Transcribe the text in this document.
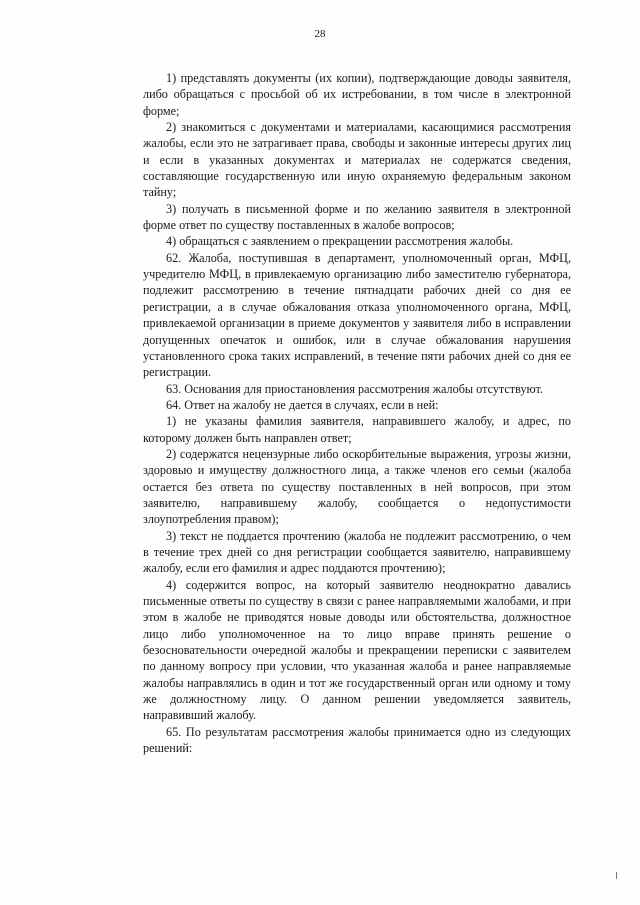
28

1) представлять документы (их копии), подтверждающие доводы заявителя, либо обращаться с просьбой об их истребовании, в том числе в электронной форме;

2) знакомиться с документами и материалами, касающимися рассмотрения жалобы, если это не затрагивает права, свободы и законные интересы других лиц и если в указанных документах и материалах не содержатся сведения, составляющие государственную или иную охраняемую федеральным законом тайну;

3) получать в письменной форме и по желанию заявителя в электронной форме ответ по существу поставленных в жалобе вопросов;

4) обращаться с заявлением о прекращении рассмотрения жалобы.

62. Жалоба, поступившая в департамент, уполномоченный орган, МФЦ, учредителю МФЦ, в привлекаемую организацию либо заместителю губернатора, подлежит рассмотрению в течение пятнадцати рабочих дней со дня ее регистрации, а в случае обжалования отказа уполномоченного органа, МФЦ, привлекаемой организации в приеме документов у заявителя либо в исправлении допущенных опечаток и ошибок, или в случае обжалования нарушения установленного срока таких исправлений, в течение пяти рабочих дней со дня ее регистрации.

63. Основания для приостановления рассмотрения жалобы отсутствуют.

64. Ответ на жалобу не дается в случаях, если в ней:

1) не указаны фамилия заявителя, направившего жалобу, и адрес, по которому должен быть направлен ответ;

2) содержатся нецензурные либо оскорбительные выражения, угрозы жизни, здоровью и имуществу должностного лица, а также членов его семьи (жалоба остается без ответа по существу поставленных в ней вопросов, при этом заявителю, направившему жалобу, сообщается о недопустимости злоупотребления правом);

3) текст не поддается прочтению (жалоба не подлежит рассмотрению, о чем в течение трех дней со дня регистрации сообщается заявителю, направившему жалобу, если его фамилия и адрес поддаются прочтению);

4) содержится вопрос, на который заявителю неоднократно давались письменные ответы по существу в связи с ранее направляемыми жалобами, и при этом в жалобе не приводятся новые доводы или обстоятельства, должностное лицо либо уполномоченное на то лицо вправе принять решение о безосновательности очередной жалобы и прекращении переписки с заявителем по данному вопросу при условии, что указанная жалоба и ранее направляемые жалобы направлялись в один и тот же государственный орган или одному и тому же должностному лицу. О данном решении уведомляется заявитель, направивший жалобу.

65. По результатам рассмотрения жалобы принимается одно из следующих решений:
